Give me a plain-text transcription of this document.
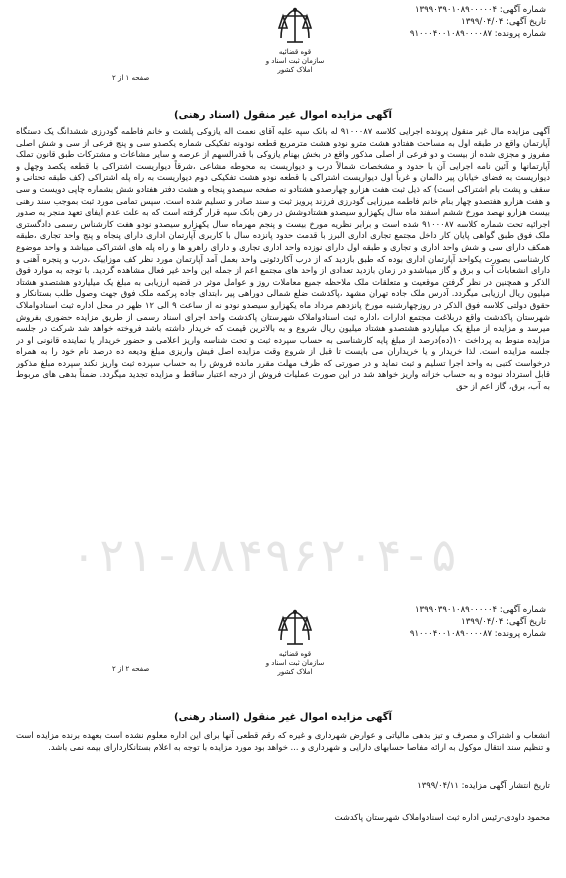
شماره آگهی: ۱۳۹۹۰۳۹۰۱۰۸۹۰۰۰۰۰۴
تاریخ آگهی: ۱۳۹۹/۰۴/۰۴
شماره پرونده: ۹۱۰۰۰۴۰۰۱۰۸۹۰۰۰۰۸۷
قوه قضائیه
سازمان ثبت اسناد و املاک کشور
صفحه ۱ از ۲
آگهی مزایده اموال غیر منقول (اسناد رهنی)
آگهی مزایده مال غیر منقول پرونده اجرایی کلاسه ۹۱۰۰۰۸۷ له بانک سپه علیه آقای نعمت اله یازوکی پلشت و خانم فاطمه گودرزی ششدانگ یک دستگاه آپارتمان واقع در طبقه اول به مساحت هفتادو هشت مترو نودو هشت مترمربع قطعه نودونه تفکیکی شماره یکصدو سی و پنج فرعی از سی و شش اصلی مفروز و مجزی شده از بیست و دو فرعی از اصلی مذکور واقع در بخش بهنام یازوکی با قدرالسهم از عرصه و سایر مشاعات و مشترکات طبق قانون تملک آپارتمانها و آئین نامه اجرایی آن با حدود و مشخصات شمالاً درب و دیواریست به محوطه مشاعی ،شرقاً دیواریست اشتراکی با قطعه یکصد وچهل و دیواریست به فضای خیابان پیر دالمان و غرباً اول دیواریست اشتراکی با قطعه نودو هشت تفکیکی دوم دیواریست به راه پله اشتراکی (کف طبقه تحتانی و سقف و پشت بام اشتراکی است) که ذیل ثبت هفت هزارو چهارصدو هشتادو نه صفحه سیصدو پنجاه و هشت دفتر هفتادو شش بشماره چاپی دویست و سی و هفت هزارو هفتصدو چهار بنام خانم فاطمه میرزایی گودرزی فرزند پرویز ثبت و سند صادر و تسلیم شده است. سپس تمامی مورد ثبت بموجب سند رهنی بیست هزارو نهصد مورخ ششم اسفند ماه سال یکهزارو سیصدو هشتادوشش در رهن بانک سپه قرار گرفته است که به علت عدم ایفای تعهد منجر به صدور اجرائیه تحت شماره کلاسه ۹۱۰۰۰۸۷ شده است و برابر نظریه مورخ بیست و پنجم مهرماه سال یکهزارو سیصدو نودو هفت کارشناس رسمی دادگستری ملک فوق طبق گواهی پایان کار داخل مجتمع تجاری اداری البرز با قدمت حدود پانزده سال با کاربری آپارتمان اداری دارای پنجاه و پنج واحد تجاری ،طبقه همکف دارای سی و شش واحد اداری و تجاری و طبقه اول دارای نوزده واحد اداری تجاری و دارای راهرو ها و راه پله های اشتراکی میباشد و واحد موضوع کارشناسی بصورت یکواحد آپارتمان اداری بوده که طبق بازدید که از درب آکاردئونی واحد بعمل آمد آپارتمان مورد نظر کف موزاییک ،درب و پنجره آهنی و دارای انشعابات آب و برق و گاز میباشدو در زمان بازدید تعدادی از واحد های مجتمع اعم از جمله این واحد غیر فعال مشاهده گردید. با توجه به موارد فوق الذکر و همچنین در نظر گرفتن موقعیت و متعلقات ملک ملاحظه جمیع معاملات روز و عوامل موثر در قضیه ارزیابی به مبلغ یک میلیاردو هشتصدو هشتاد میلیون ریال ارزیابی میگردد. آدرس ملک جاده تهران مشهد ،پاکدشت ضلع شمالی دوراهی پیر ،ابتدای جاده پرکمه ملک فوق جهت وصول طلب بستانکار و حقوق دولتی کلاسه فوق الذکر در روزچهارشنبه مورخ پانزدهم مرداد ماه یکهزارو سیصدو نودو نه از ساعت ۹ الی ۱۲ ظهر در محل اداره ثبت اسنادواملاک شهرستان پاکدشت واقع دربلاغت مجتمع ادارات ،اداره ثبت اسنادواملاک شهرستان پاکدشت واحد اجرای اسناد رسمی از طریق مزایده حضوری بفروش میرسد و مزایده از مبلغ یک میلیاردو هشتصدو هشتاد میلیون ریال شروع و به بالاترین قیمت که خریدار داشته باشد فروخته خواهد شد شرکت در جلسه مزایده منوط به پرداخت ۱۰(ده)درصد از مبلغ پایه کارشناسی به حساب سپرده ثبت و تحت شناسه واریز اعلامی و حضور خریدار یا نماینده قانونی او در جلسه مزایده است. لذا خریدار و یا خریداران می بایست تا قبل از شروع وقت مزایده اصل فیش واریزی مبلغ ودیعه ده درصد نام خود را به همراه درخواست کتبی به واحد اجرا تسلیم و ثبت نماید و در صورتی که ظرف مهلت مقرر مانده فروش را به حساب سپرده ثبت واریز نکند سپرده مبلغ مذکور قابل استرداد نبوده و به حساب خزانه واریز خواهد شد در این صورت عملیات فروش از درجه اعتبار ساقط و مزایده تجدید میگردد. ضمناً بدهی های مربوط به آب، برق، گاز اعم از حق
۰۲۱-۸۸۴۹۶۲۰۴-۵
شماره آگهی: ۱۳۹۹۰۳۹۰۱۰۸۹۰۰۰۰۰۴
تاریخ آگهی: ۱۳۹۹/۰۴/۰۴
شماره پرونده: ۹۱۰۰۰۴۰۰۱۰۸۹۰۰۰۰۸۷
قوه قضائیه
سازمان ثبت اسناد و املاک کشور
صفحه ۲ از ۲
آگهی مزایده اموال غیر منقول (اسناد رهنی)
انشعاب و اشتراک و مصرف و تیز بدهی مالیاتی و عوارض شهرداری و غیره که رقم قطعی آنها برای این اداره معلوم نشده است بعهده برنده مزایده است و تنظیم سند انتقال موکول به ارائه مفاصا حسابهای دارایی و شهرداری و ... خواهد بود مورد مزایده با توجه به اعلام بستانکاردارای بیمه نمی باشد.
تاریخ انتشار آگهی مزایده: ۱۳۹۹/۰۴/۱۱
محمود داودی-رئیس اداره ثبت اسنادواملاک شهرستان پاکدشت
